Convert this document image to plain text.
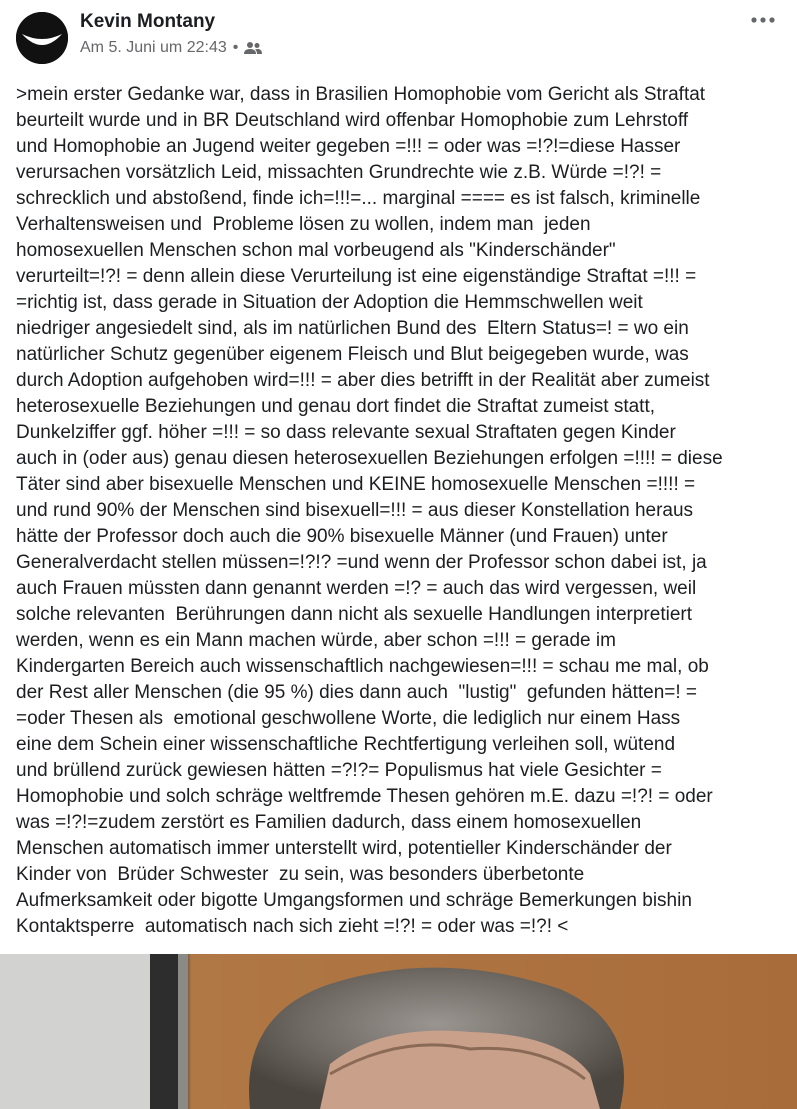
Kevin Montany
Am 5. Juni um 22:43 •
>mein erster Gedanke war, dass in Brasilien Homophobie vom Gericht als Straftat
beurteilt wurde und in BR Deutschland wird offenbar Homophobie zum Lehrstoff
und Homophobie an Jugend weiter gegeben =!!! = oder was =!?!=diese Hasser
verursachen vorsätzlich Leid, missachten Grundrechte wie z.B. Würde =!?! =
schrecklich und abstoßend, finde ich=!!!=... marginal ==== es ist falsch, kriminelle
Verhaltensweisen und  Probleme lösen zu wollen, indem man  jeden
homosexuellen Menschen schon mal vorbeugend als "Kinderschänder"
verurteilt=!?! = denn allein diese Verurteilung ist eine eigenständige Straftat =!!! =
=richtig ist, dass gerade in Situation der Adoption die Hemmschwellen weit
niedriger angesiedelt sind, als im natürlichen Bund des  Eltern Status=! = wo ein
natürlicher Schutz gegenüber eigenem Fleisch und Blut beigegeben wurde, was
durch Adoption aufgehoben wird=!!! = aber dies betrifft in der Realität aber zumeist
heterosexuelle Beziehungen und genau dort findet die Straftat zumeist statt,
Dunkelziffer ggf. höher =!!! = so dass relevante sexual Straftaten gegen Kinder
auch in (oder aus) genau diesen heterosexuellen Beziehungen erfolgen =!!!! = diese
Täter sind aber bisexuelle Menschen und KEINE homosexuelle Menschen =!!!! =
und rund 90% der Menschen sind bisexuell=!!! = aus dieser Konstellation heraus
hätte der Professor doch auch die 90% bisexuelle Männer (und Frauen) unter
Generalverdacht stellen müssen=!?!? =und wenn der Professor schon dabei ist, ja
auch Frauen müssten dann genannt werden =!? = auch das wird vergessen, weil
solche relevanten  Berührungen dann nicht als sexuelle Handlungen interpretiert
werden, wenn es ein Mann machen würde, aber schon =!!! = gerade im
Kindergarten Bereich auch wissenschaftlich nachgewiesen=!!! = schau me mal, ob
der Rest aller Menschen (die 95 %) dies dann auch  "lustig"  gefunden hätten=! =
=oder Thesen als  emotional geschwollene Worte, die lediglich nur einem Hass
eine dem Schein einer wissenschaftliche Rechtfertigung verleihen soll, wütend
und brüllend zurück gewiesen hätten =?!?= Populismus hat viele Gesichter =
Homophobie und solch schräge weltfremde Thesen gehören m.E. dazu =!?! = oder
was =!?!=zudem zerstört es Familien dadurch, dass einem homosexuellen
Menschen automatisch immer unterstellt wird, potentieller Kinderschänder der
Kinder von  Brüder Schwester  zu sein, was besonders überbetonte
Aufmerksamkeit oder bigotte Umgangsformen und schräge Bemerkungen bishin
Kontaktsperre  automatisch nach sich zieht =!?! = oder was =!?! <
